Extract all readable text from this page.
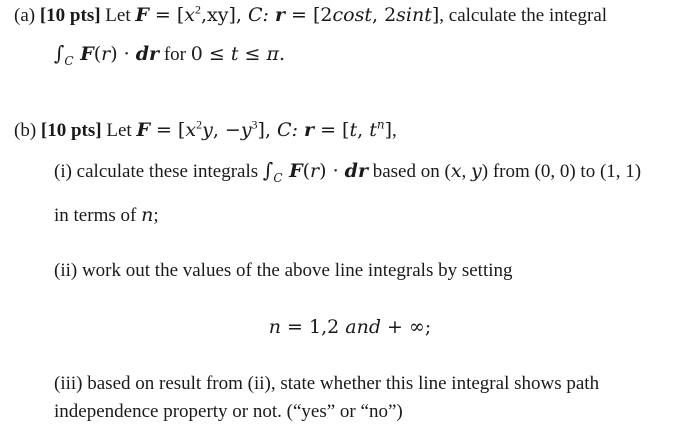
(a) [10 pts] Let $F = [x^2,xy]$, C: r = [2cost, 2sint], calculate the integral
$\int_C$ F(r) · dr for 0 ≤ t ≤ π.
(b) [10 pts] Let $F = [x^2y$, $-y^3$], C: r = [t, $t^n$],
(i) calculate these integrals $\int_C$ F(r) · dr based on (x, y) from (0, 0) to (1, 1)
in terms of n;
(ii) work out the values of the above line integrals by setting
n = 1,2 and + ∞;
(iii) based on result from (ii), state whether this line integral shows path
independence property or not. (“yes” or “no”)
